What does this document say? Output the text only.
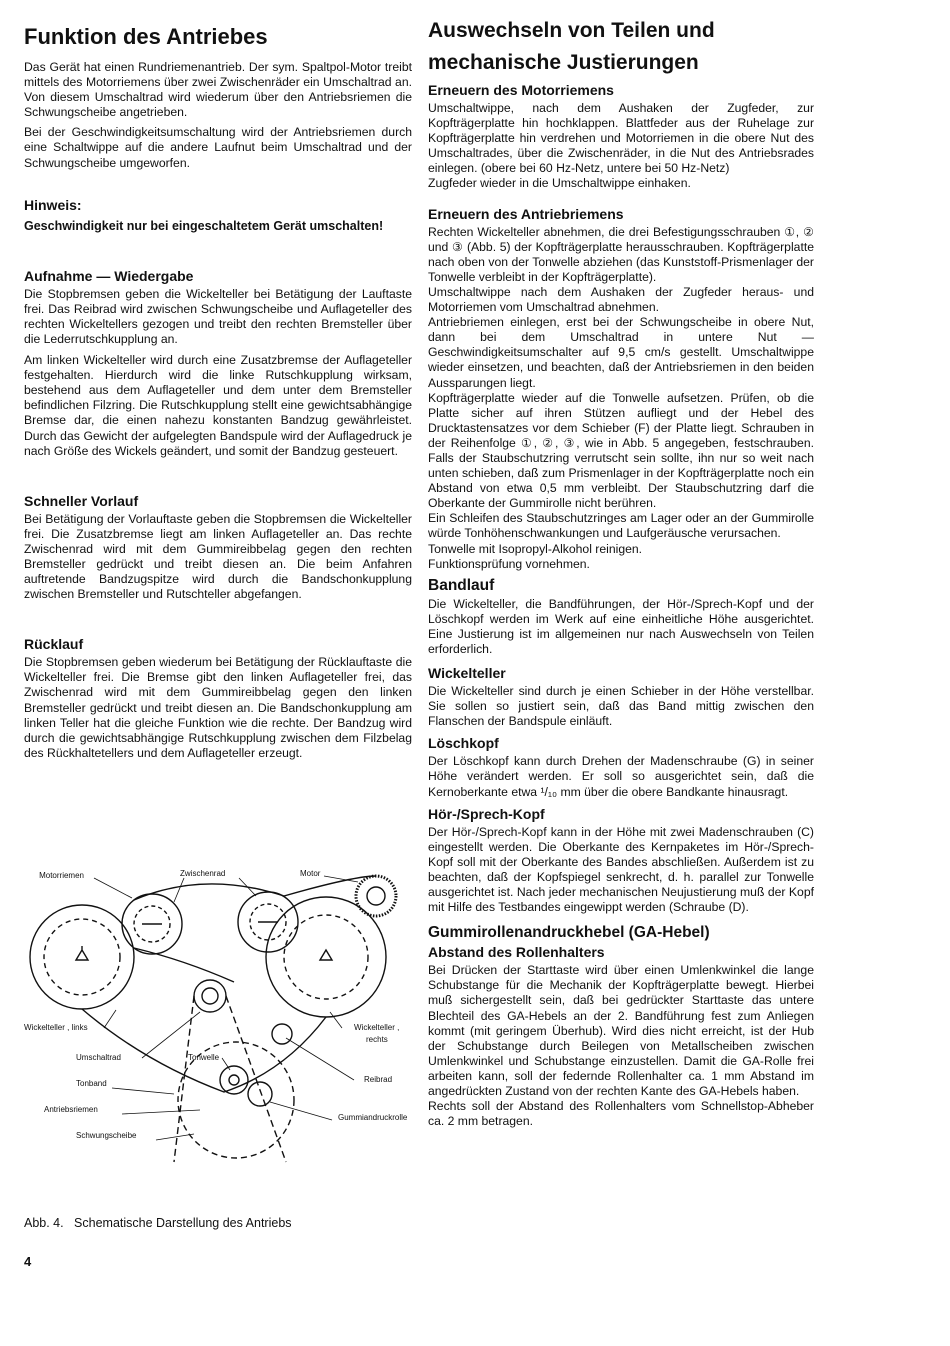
Funktion des Antriebes

Das Gerät hat einen Rundriemenantrieb. Der sym. Spaltpol-Motor treibt mittels des Motorriemens über zwei Zwischenräder ein Umschaltrad an. Von diesem Umschaltrad wird wiederum über den Antriebsriemen die Schwungscheibe angetrieben.

Bei der Geschwindigkeitsumschaltung wird der Antriebsriemen durch eine Schaltwippe auf die andere Laufnut beim Umschaltrad und der Schwungscheibe umgeworfen.

Hinweis:

Geschwindigkeit nur bei eingeschaltetem Gerät umschalten!

Aufnahme — Wiedergabe

Die Stopbremsen geben die Wickelteller bei Betätigung der Lauftaste frei. Das Reibrad wird zwischen Schwungscheibe und Auflageteller des rechten Wickeltellers gezogen und treibt den rechten Bremsteller über die Lederrutschkupplung an.

Am linken Wickelteller wird durch eine Zusatzbremse der Auflageteller festgehalten. Hierdurch wird die linke Rutschkupplung wirksam, bestehend aus dem Auflageteller und dem unter dem Bremsteller befindlichen Filzring. Die Rutschkupplung stellt eine gewichtsabhängige Bremse dar, die einen nahezu konstanten Bandzug gewährleistet. Durch das Gewicht der aufgelegten Bandspule wird der Auflagedruck je nach Größe des Wickels geändert, und somit der Bandzug gesteuert.

Schneller Vorlauf

Bei Betätigung der Vorlauftaste geben die Stopbremsen die Wickelteller frei. Die Zusatzbremse liegt am linken Auflageteller an. Das rechte Zwischenrad wird mit dem Gummireibbelag gegen den rechten Bremsteller gedrückt und treibt diesen an. Die beim Anfahren auftretende Bandzugspitze wird durch die Bandschonkupplung zwischen Bremsteller und Rutschteller abgefangen.

Rücklauf

Die Stopbremsen geben wiederum bei Betätigung der Rücklauftaste die Wickelteller frei. Die Bremse gibt den linken Auflageteller frei, das Zwischenrad wird mit dem Gummireibbelag gegen den linken Bremsteller gedrückt und treibt diesen an. Die Bandschonkupplung am linken Teller hat die gleiche Funktion wie die rechte. Der Bandzug wird durch die gewichtsabhängige Rutschkupplung zwischen dem Filzbelag des Rückhaltetellers und dem Auflageteller erzeugt.

Motorriemen	Zwischenrad	Motor
Wickelteller , links	Wickelteller ,
rechts
Umschaltrad	Tonwelle
Reibrad
Tonband
Antriebsriemen
Gummiandruckrolle
Schwungscheibe
Abb. 4. Schematische Darstellung des Antriebs
4
Auswechseln von Teilen und
mechanische Justierungen
Erneuern des Motorriemens

Umschaltwippe, nach dem Aushaken der Zugfeder, zur Kopfträgerplatte hin hochklappen. Blattfeder aus der Ruhelage zur Kopfträgerplatte hin verdrehen und Motorriemen in die obere Nut des Umschaltrades, über die Zwischenräder, in die Nut des Antriebsrades einlegen. (obere bei 60 Hz-Netz, untere bei 50 Hz-Netz)

Zugfeder wieder in die Umschaltwippe einhaken.

Erneuern des Antriebriemens

Rechten Wickelteller abnehmen, die drei Befestigungsschrauben ①, ② und ③ (Abb. 5) der Kopfträgerplatte herausschrauben. Kopfträgerplatte nach oben von der Tonwelle abziehen (das Kunststoff-Prismenlager der Tonwelle verbleibt in der Kopfträgerplatte).

Umschaltwippe nach dem Aushaken der Zugfeder heraus- und Motorriemen vom Umschaltrad abnehmen.

Antriebriemen einlegen, erst bei der Schwungscheibe in obere Nut, dann bei dem Umschaltrad in untere Nut — Geschwindigkeitsumschalter auf 9,5 cm/s gestellt. Umschaltwippe wieder einsetzen, und beachten, daß der Antriebsriemen in den beiden Aussparungen liegt.

Kopfträgerplatte wieder auf die Tonwelle aufsetzen. Prüfen, ob die Platte sicher auf ihren Stützen aufliegt und der Hebel des Drucktastensatzes vor dem Schieber (F) der Platte liegt. Schrauben in der Reihenfolge ①, ②, ③, wie in Abb. 5 angegeben, festschrauben. Falls der Staubschutzring verrutscht sein sollte, ihn nur so weit nach unten schieben, daß zum Prismenlager in der Kopfträgerplatte noch ein Abstand von etwa 0,5 mm verbleibt. Der Staubschutzring darf die Oberkante der Gummirolle nicht berühren.

Ein Schleifen des Staubschutzringes am Lager oder an der Gummirolle würde Tonhöhenschwankungen und Laufgeräusche verursachen.

Tonwelle mit Isopropyl-Alkohol reinigen.

Funktionsprüfung vornehmen.

Bandlauf

Die Wickelteller, die Bandführungen, der Hör-/Sprech-Kopf und der Löschkopf werden im Werk auf eine einheitliche Höhe ausgerichtet. Eine Justierung ist im allgemeinen nur nach Auswechseln von Teilen erforderlich.

Wickelteller

Die Wickelteller sind durch je einen Schieber in der Höhe verstellbar. Sie sollen so justiert sein, daß das Band mittig zwischen den Flanschen der Bandspule einläuft.

Löschkopf

Der Löschkopf kann durch Drehen der Madenschraube (G) in seiner Höhe verändert werden. Er soll so ausgerichtet sein, daß die Kernoberkante etwa ¹/₁₀ mm über die obere Bandkante hinausragt.

Hör-/Sprech-Kopf

Der Hör-/Sprech-Kopf kann in der Höhe mit zwei Madenschrauben (C) eingestellt werden. Die Oberkante des Kernpaketes im Hör-/Sprech-Kopf soll mit der Oberkante des Bandes abschließen. Außerdem ist zu beachten, daß der Kopfspiegel senkrecht, d. h. parallel zur Tonwelle ausgerichtet ist. Nach jeder mechanischen Neujustierung muß der Kopf mit Hilfe des Testbandes eingewippt werden (Schraube (D).

Gummirollenandruckhebel (GA-Hebel)
Abstand des Rollenhalters

Bei Drücken der Starttaste wird über einen Umlenkwinkel die lange Schubstange für die Mechanik der Kopfträgerplatte bewegt. Hierbei muß sichergestellt sein, daß bei gedrückter Starttaste das untere Blechteil des GA-Hebels an der 2. Bandführung fest zum Anliegen kommt (mit geringem Überhub). Wird dies nicht erreicht, ist der Hub der Schubstange durch Beilegen von Metallscheiben zwischen Umlenkwinkel und Schubstange einzustellen. Damit die GA-Rolle frei arbeiten kann, soll der federnde Rollenhalter ca. 1 mm Abstand im angedrückten Zustand von der rechten Kante des GA-Hebels haben.

Rechts soll der Abstand des Rollenhalters vom Schnellstop-Abheber ca. 2 mm betragen.
